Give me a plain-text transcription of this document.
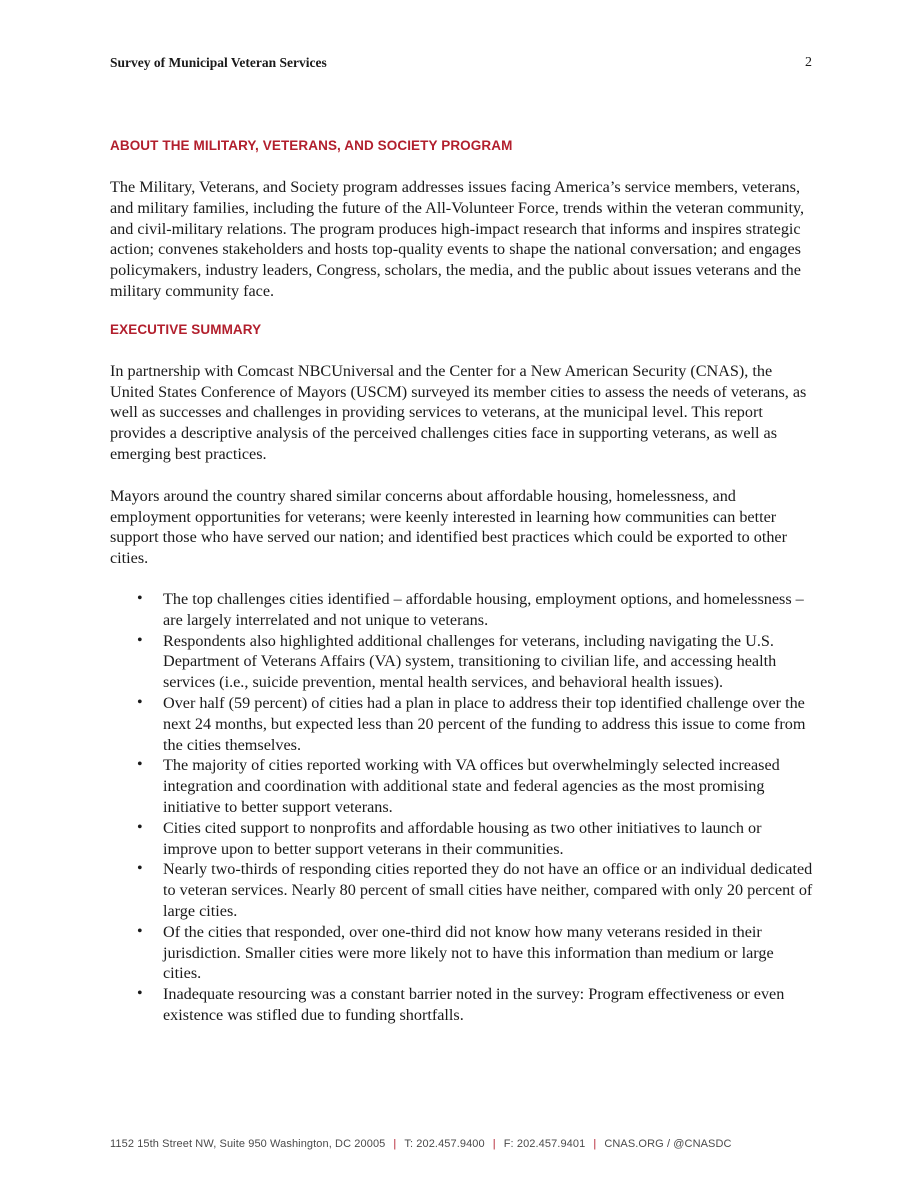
Survey of Municipal Veteran Services	2
ABOUT THE MILITARY, VETERANS, AND SOCIETY PROGRAM

The Military, Veterans, and Society program addresses issues facing America’s service members, veterans, and military families, including the future of the All-Volunteer Force, trends within the veteran community, and civil-military relations. The program produces high-impact research that informs and inspires strategic action; convenes stakeholders and hosts top-quality events to shape the national conversation; and engages policymakers, industry leaders, Congress, scholars, the media, and the public about issues veterans and the military community face.

EXECUTIVE SUMMARY

In partnership with Comcast NBCUniversal and the Center for a New American Security (CNAS), the United States Conference of Mayors (USCM) surveyed its member cities to assess the needs of veterans, as well as successes and challenges in providing services to veterans, at the municipal level. This report provides a descriptive analysis of the perceived challenges cities face in supporting veterans, as well as emerging best practices.

Mayors around the country shared similar concerns about affordable housing, homelessness, and employment opportunities for veterans; were keenly interested in learning how communities can better support those who have served our nation; and identified best practices which could be exported to other cities.

• The top challenges cities identified – affordable housing, employment options, and homelessness – are largely interrelated and not unique to veterans.
• Respondents also highlighted additional challenges for veterans, including navigating the U.S. Department of Veterans Affairs (VA) system, transitioning to civilian life, and accessing health services (i.e., suicide prevention, mental health services, and behavioral health issues).
• Over half (59 percent) of cities had a plan in place to address their top identified challenge over the next 24 months, but expected less than 20 percent of the funding to address this issue to come from the cities themselves.
• The majority of cities reported working with VA offices but overwhelmingly selected increased integration and coordination with additional state and federal agencies as the most promising initiative to better support veterans.
• Cities cited support to nonprofits and affordable housing as two other initiatives to launch or improve upon to better support veterans in their communities.
• Nearly two-thirds of responding cities reported they do not have an office or an individual dedicated to veteran services. Nearly 80 percent of small cities have neither, compared with only 20 percent of large cities.
• Of the cities that responded, over one-third did not know how many veterans resided in their jurisdiction. Smaller cities were more likely not to have this information than medium or large cities.
• Inadequate resourcing was a constant barrier noted in the survey: Program effectiveness or even existence was stifled due to funding shortfalls.
1152 15th Street NW, Suite 950 Washington, DC 20005 | T: 202.457.9400 | F: 202.457.9401 | CNAS.ORG / @CNASDC
